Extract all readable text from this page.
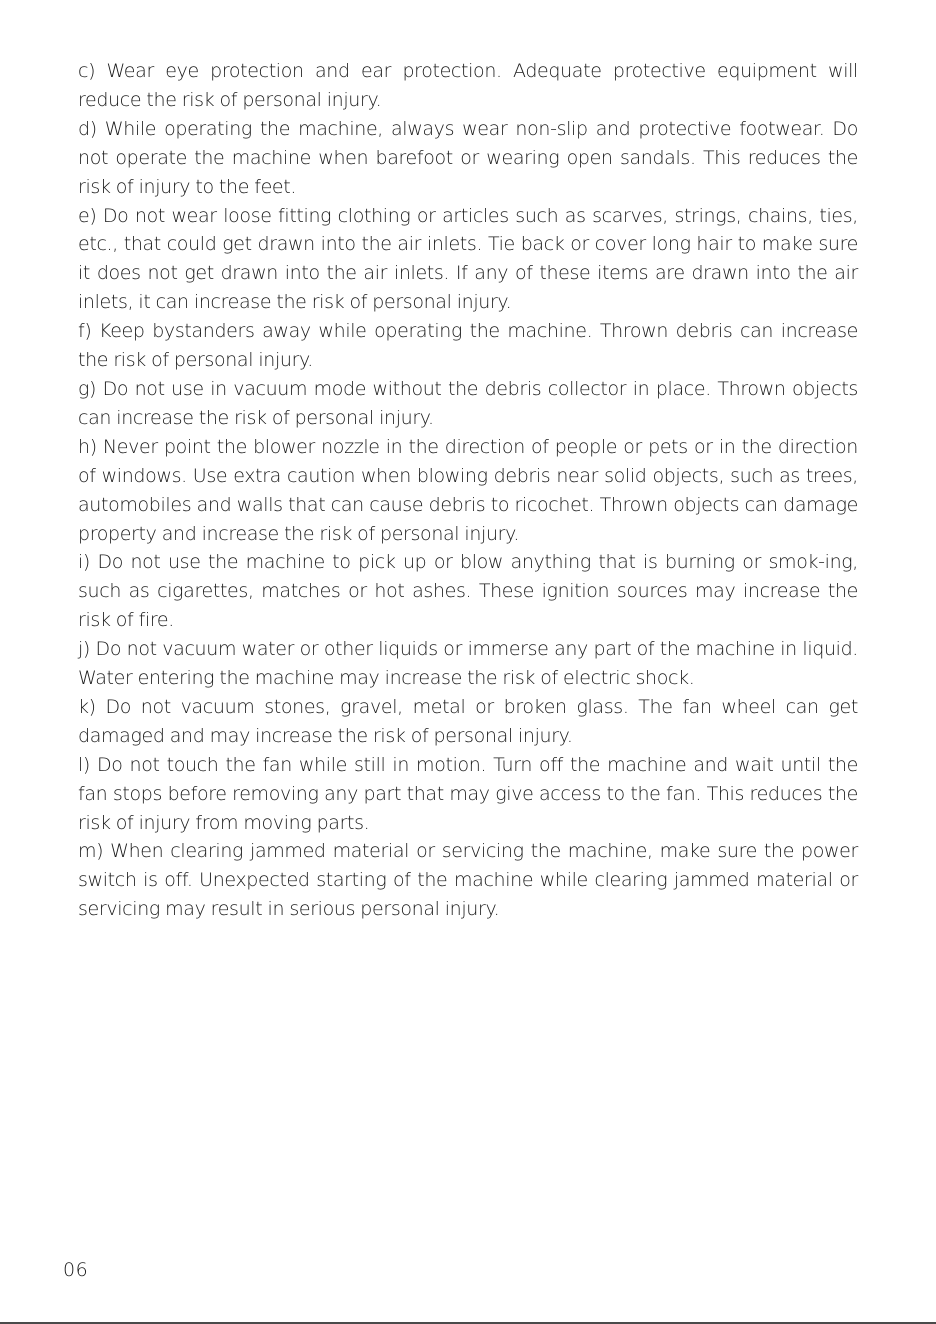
c) Wear eye protection and ear protection. Adequate protective equipment will reduce the risk of personal injury.

d) While operating the machine, always wear non-slip and protective footwear. Do not operate the machine when barefoot or wearing open sandals. This reduces the risk of injury to the feet.

e) Do not wear loose fitting clothing or articles such as scarves, strings, chains, ties, etc., that could get drawn into the air inlets. Tie back or cover long hair to make sure it does not get drawn into the air inlets. If any of these items are drawn into the air inlets, it can increase the risk of personal injury.

f) Keep bystanders away while operating the machine. Thrown debris can increase the risk of personal injury.

g) Do not use in vacuum mode without the debris collector in place. Thrown objects can increase the risk of personal injury.

h) Never point the blower nozzle in the direction of people or pets or in the direction of windows. Use extra caution when blowing debris near solid objects, such as trees, automobiles and walls that can cause debris to ricochet. Thrown objects can damage property and increase the risk of personal injury.

i) Do not use the machine to pick up or blow anything that is burning or smok-ing, such as cigarettes, matches or hot ashes. These ignition sources may increase the risk of fire.

j) Do not vacuum water or other liquids or immerse any part of the machine in liquid. Water entering the machine may increase the risk of electric shock.

k) Do not vacuum stones, gravel, metal or broken glass. The fan wheel can get damaged and may increase the risk of personal injury.

l) Do not touch the fan while still in motion. Turn off the machine and wait until the fan stops before removing any part that may give access to the fan. This reduces the risk of injury from moving parts.

m) When clearing jammed material or servicing the machine, make sure the power switch is off. Unexpected starting of the machine while clearing jammed material or servicing may result in serious personal injury.

06
